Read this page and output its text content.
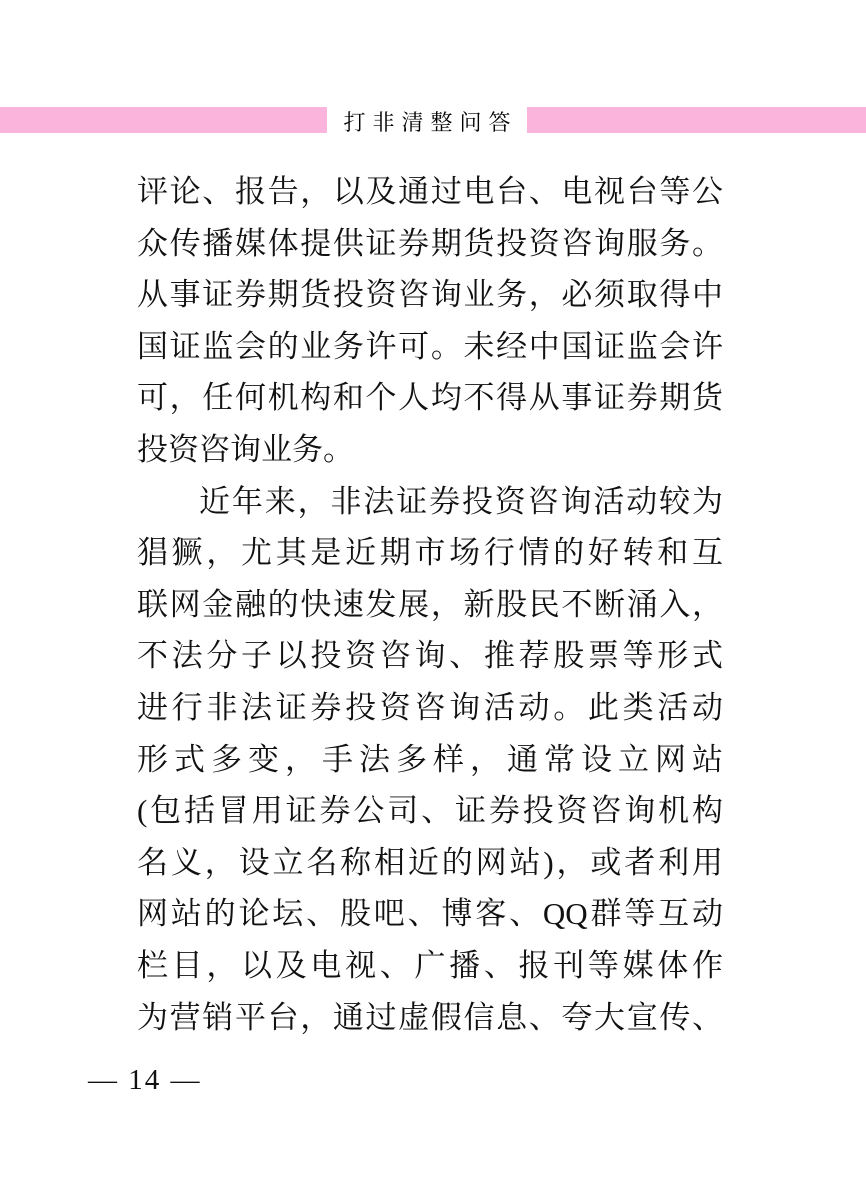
打非清整问答
评论、报告，以及通过电台、电视台等公
众传播媒体提供证券期货投资咨询服务。
从事证券期货投资咨询业务，必须取得中
国证监会的业务许可。未经中国证监会许
可，任何机构和个人均不得从事证券期货
投资咨询业务。
近年来，非法证券投资咨询活动较为
猖獗，尤其是近期市场行情的好转和互
联网金融的快速发展，新股民不断涌入，
不法分子以投资咨询、推荐股票等形式
进行非法证券投资咨询活动。此类活动
形式多变，手法多样，通常设立网站
(包括冒用证券公司、证券投资咨询机构
名义，设立名称相近的网站)，或者利用
网站的论坛、股吧、博客、QQ群等互动
栏目，以及电视、广播、报刊等媒体作
为营销平台，通过虚假信息、夸大宣传、
— 14 —
